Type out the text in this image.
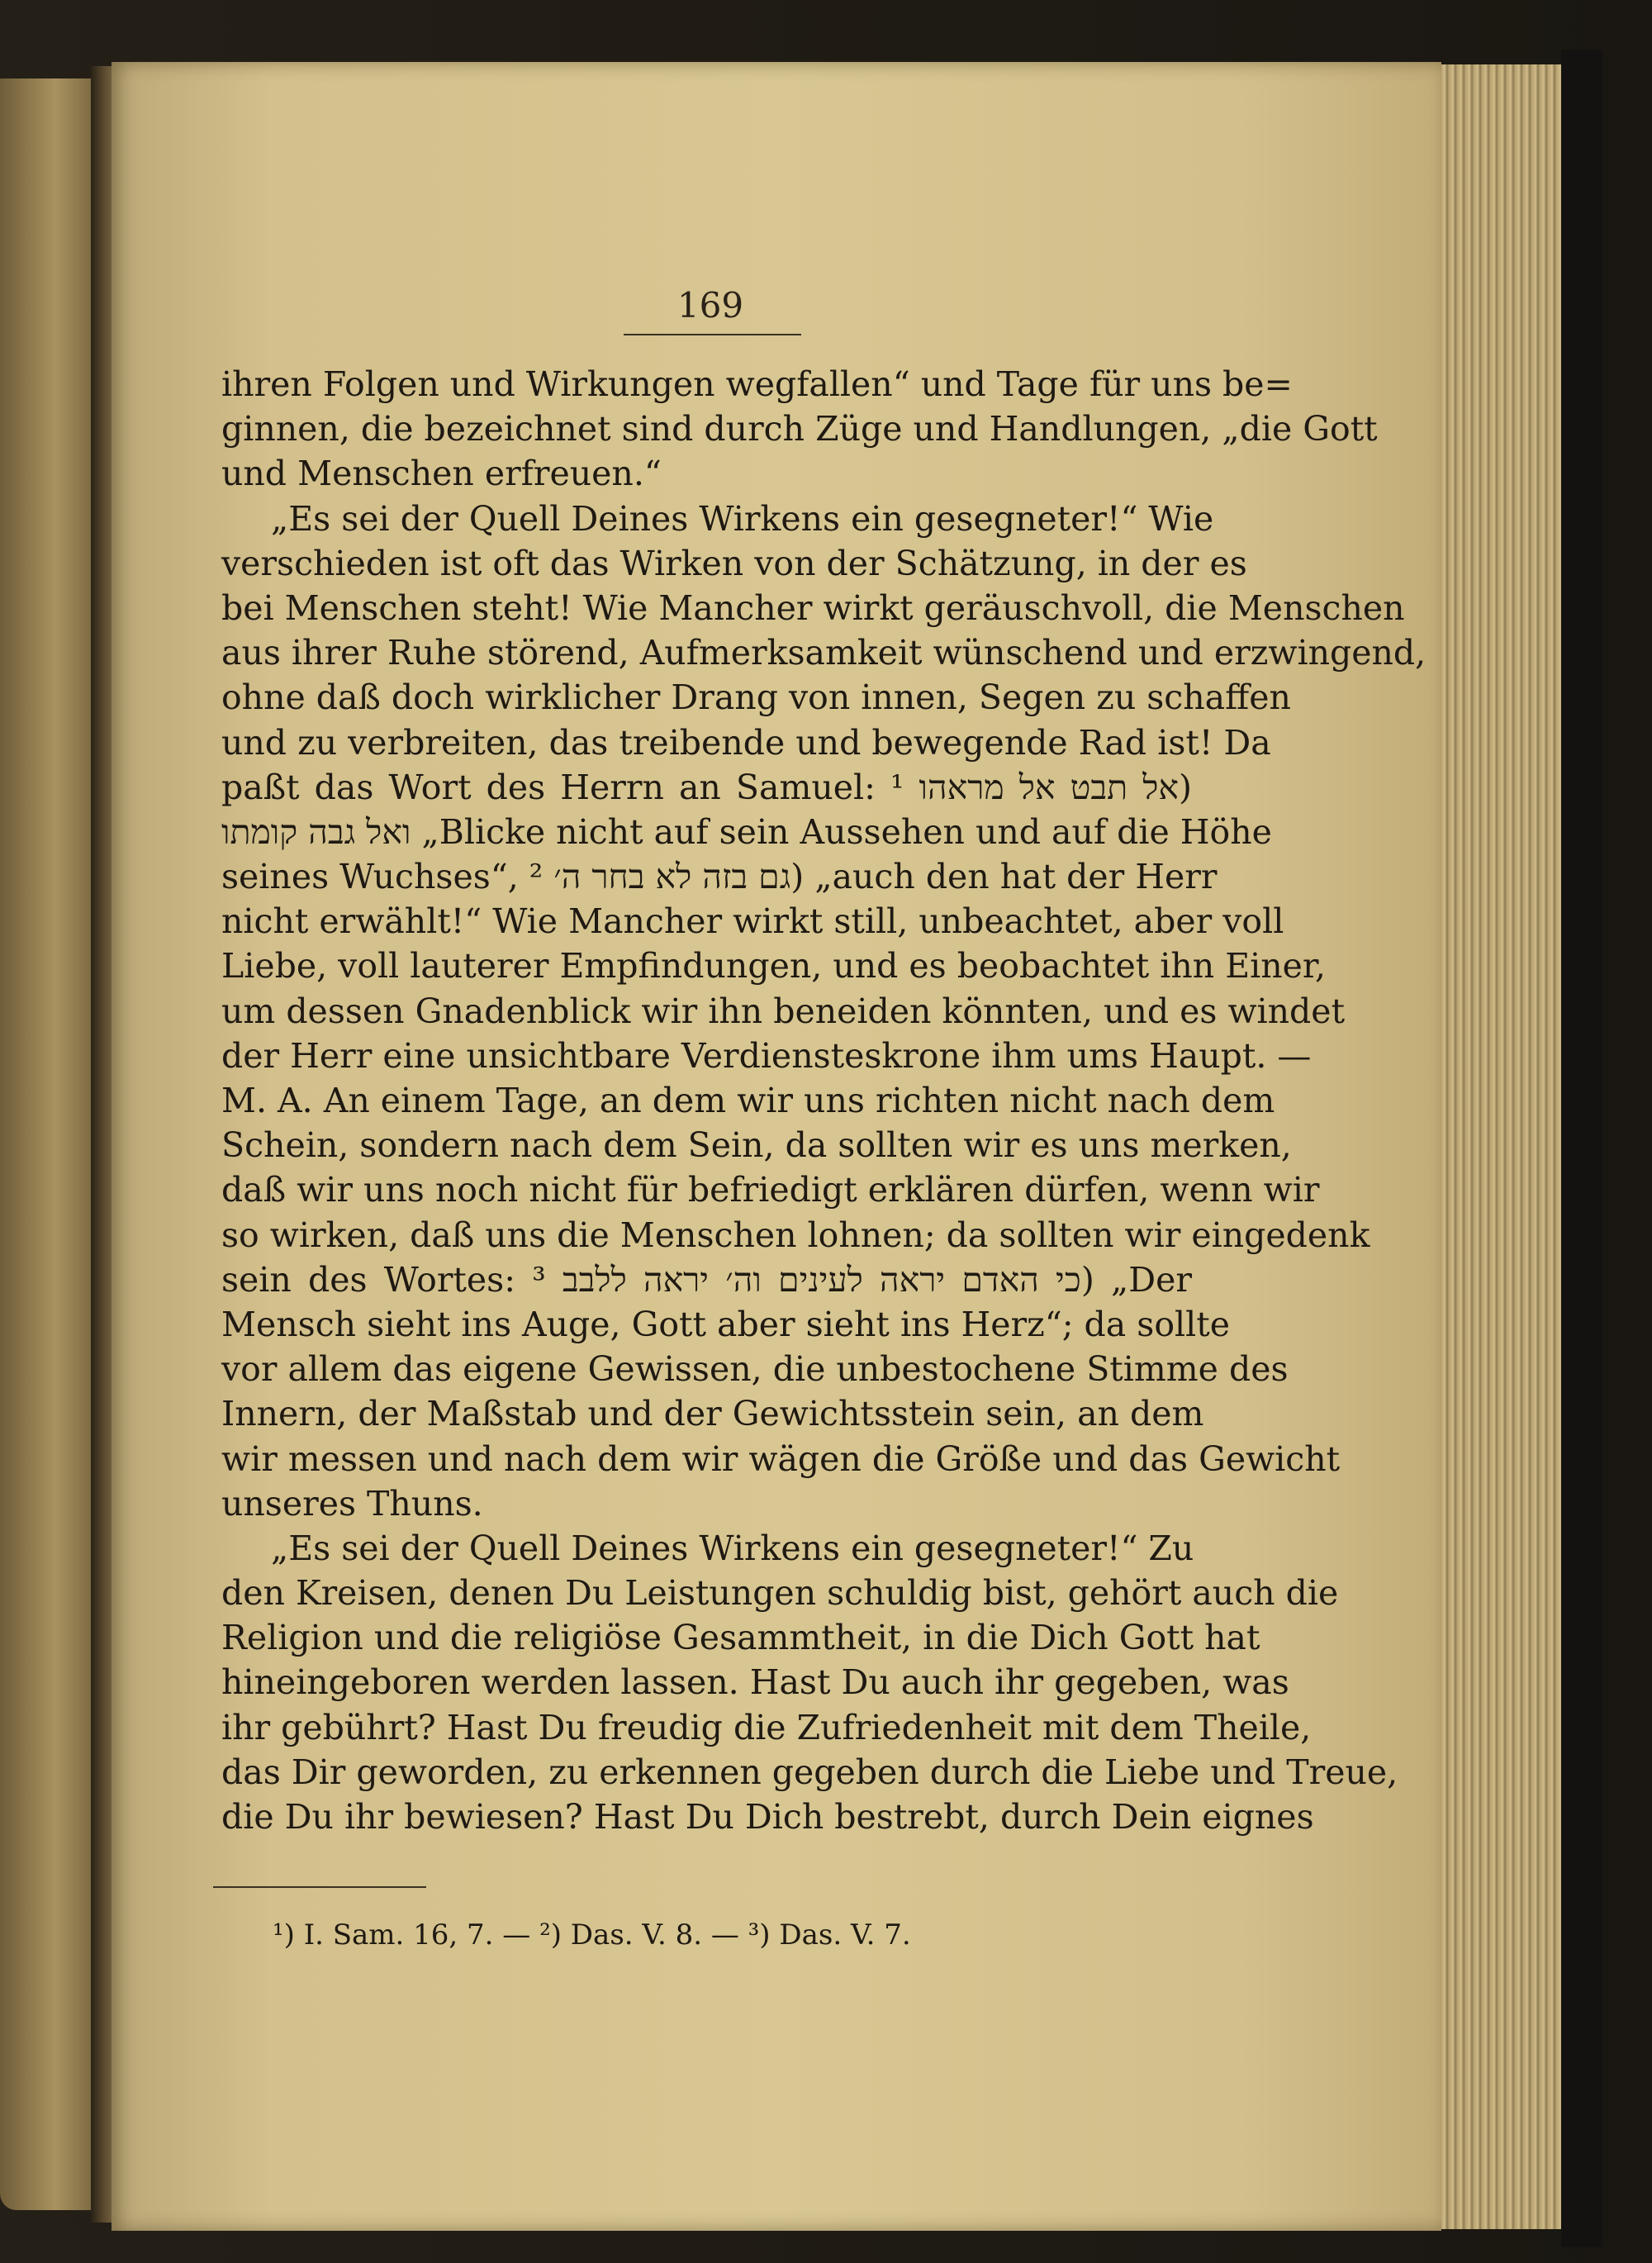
169
ihren Folgen und Wirkungen wegfallen“ und Tage für uns be=
ginnen, die bezeichnet sind durch Züge und Handlungen, „die Gott
und Menschen erfreuen.“
„Es sei der Quell Deines Wirkens ein gesegneter!“ Wie
verschieden ist oft das Wirken von der Schätzung, in der es
bei Menschen steht! Wie Mancher wirkt geräuschvoll, die Menschen
aus ihrer Ruhe störend, Aufmerksamkeit wünschend und erzwingend,
ohne daß doch wirklicher Drang von innen, Segen zu schaffen
und zu verbreiten, das treibende und bewegende Rad ist! Da
paßt das Wort des Herrn an Samuel: אל תבט אל מראהו ¹)
ואל גבה קומתו „Blicke nicht auf sein Aussehen und auf die Höhe
seines Wuchses“, גם בזה לא בחר ה׳ ²) „auch den hat der Herr
nicht erwählt!“ Wie Mancher wirkt still, unbeachtet, aber voll
Liebe, voll lauterer Empfindungen, und es beobachtet ihn Einer,
um dessen Gnadenblick wir ihn beneiden könnten, und es windet
der Herr eine unsichtbare Verdiensteskrone ihm ums Haupt. —
M. A. An einem Tage, an dem wir uns richten nicht nach dem
Schein, sondern nach dem Sein, da sollten wir es uns merken,
daß wir uns noch nicht für befriedigt erklären dürfen, wenn wir
so wirken, daß uns die Menschen lohnen; da sollten wir eingedenk
sein des Wortes: כי האדם יראה לעינים וה׳ יראה ללבב ³) „Der
Mensch sieht ins Auge, Gott aber sieht ins Herz“; da sollte
vor allem das eigene Gewissen, die unbestochene Stimme des
Innern, der Maßstab und der Gewichtsstein sein, an dem
wir messen und nach dem wir wägen die Größe und das Gewicht
unseres Thuns.
„Es sei der Quell Deines Wirkens ein gesegneter!“ Zu
den Kreisen, denen Du Leistungen schuldig bist, gehört auch die
Religion und die religiöse Gesammtheit, in die Dich Gott hat
hineingeboren werden lassen. Hast Du auch ihr gegeben, was
ihr gebührt? Hast Du freudig die Zufriedenheit mit dem Theile,
das Dir geworden, zu erkennen gegeben durch die Liebe und Treue,
die Du ihr bewiesen? Hast Du Dich bestrebt, durch Dein eignes
¹) I. Sam. 16, 7. — ²) Das. V. 8. — ³) Das. V. 7.
